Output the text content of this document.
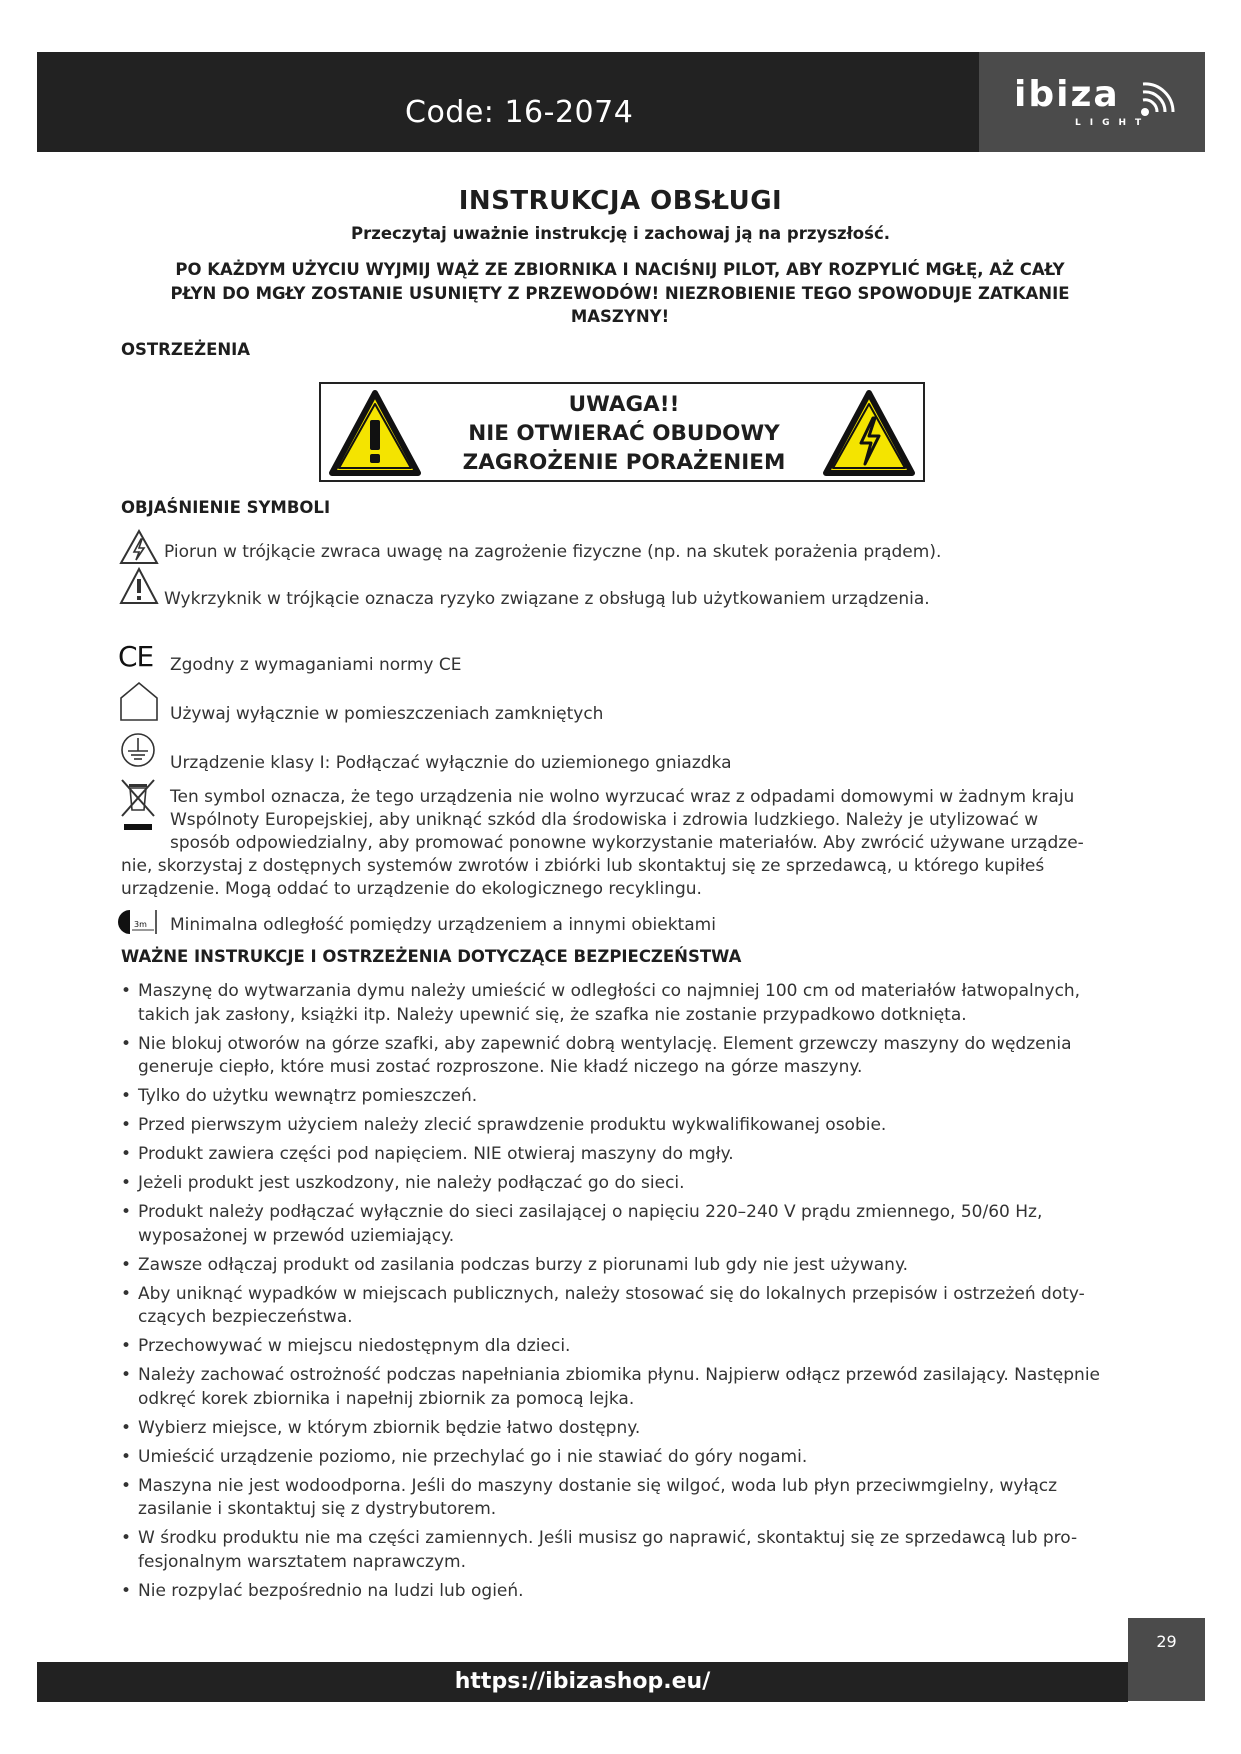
Code: 16-2074	ibiza
LIGHT
INSTRUKCJA OBSŁUGI
Przeczytaj uważnie instrukcję i zachowaj ją na przyszłość.
PO KAŻDYM UŻYCIU WYJMIJ WĄŻ ZE ZBIORNIKA I NACIŚNIJ PILOT, ABY ROZPYLIĆ MGŁĘ, AŻ CAŁY
PŁYN DO MGŁY ZOSTANIE USUNIĘTY Z PRZEWODÓW! NIEZROBIENIE TEGO SPOWODUJE ZATKANIE
MASZYNY!
OSTRZEŻENIA
UWAGA!!
NIE OTWIERAĆ OBUDOWY
ZAGROŻENIE PORAŻENIEM
OBJAŚNIENIE SYMBOLI
Piorun w trójkącie zwraca uwagę na zagrożenie fizyczne (np. na skutek porażenia prądem).
Wykrzyknik w trójkącie oznacza ryzyko związane z obsługą lub użytkowaniem urządzenia.
CE Zgodny z wymaganiami normy CE
Używaj wyłącznie w pomieszczeniach zamkniętych
Urządzenie klasy I: Podłączać wyłącznie do uziemionego gniazdka
Ten symbol oznacza, że tego urządzenia nie wolno wyrzucać wraz z odpadami domowymi w żadnym kraju
Wspólnoty Europejskiej, aby uniknąć szkód dla środowiska i zdrowia ludzkiego. Należy je utylizować w
sposób odpowiedzialny, aby promować ponowne wykorzystanie materiałów. Aby zwrócić używane urządze-
nie, skorzystaj z dostępnych systemów zwrotów i zbiórki lub skontaktuj się ze sprzedawcą, u którego kupiłeś
urządzenie. Mogą oddać to urządzenie do ekologicznego recyklingu.
3m Minimalna odległość pomiędzy urządzeniem a innymi obiektami
WAŻNE INSTRUKCJE I OSTRZEŻENIA DOTYCZĄCE BEZPIECZEŃSTWA
• Maszynę do wytwarzania dymu należy umieścić w odległości co najmniej 100 cm od materiałów łatwopalnych, takich jak zasłony, książki itp. Należy upewnić się, że szafka nie zostanie przypadkowo dotknięta.
• Nie blokuj otworów na górze szafki, aby zapewnić dobrą wentylację. Element grzewczy maszyny do wędzenia generuje ciepło, które musi zostać rozproszone. Nie kładź niczego na górze maszyny.
• Tylko do użytku wewnątrz pomieszczeń.
• Przed pierwszym użyciem należy zlecić sprawdzenie produktu wykwalifikowanej osobie.
• Produkt zawiera części pod napięciem. NIE otwieraj maszyny do mgły.
• Jeżeli produkt jest uszkodzony, nie należy podłączać go do sieci.
• Produkt należy podłączać wyłącznie do sieci zasilającej o napięciu 220–240 V prądu zmiennego, 50/60 Hz, wyposażonej w przewód uziemiający.
• Zawsze odłączaj produkt od zasilania podczas burzy z piorunami lub gdy nie jest używany.
• Aby uniknąć wypadków w miejscach publicznych, należy stosować się do lokalnych przepisów i ostrzeżeń doty- czących bezpieczeństwa.
• Przechowywać w miejscu niedostępnym dla dzieci.
• Należy zachować ostrożność podczas napełniania zbiomika płynu. Najpierw odłącz przewód zasilający. Następnie odkręć korek zbiornika i napełnij zbiornik za pomocą lejka.
• Wybierz miejsce, w którym zbiornik będzie łatwo dostępny.
• Umieścić urządzenie poziomo, nie przechylać go i nie stawiać do góry nogami.
• Maszyna nie jest wodoodporna. Jeśli do maszyny dostanie się wilgoć, woda lub płyn przeciwmgielny, wyłącz zasilanie i skontaktuj się z dystrybutorem.
• W środku produktu nie ma części zamiennych. Jeśli musisz go naprawić, skontaktuj się ze sprzedawcą lub pro- fesjonalnym warsztatem naprawczym.
• Nie rozpylać bezpośrednio na ludzi lub ogień.
29
https://ibizashop.eu/
